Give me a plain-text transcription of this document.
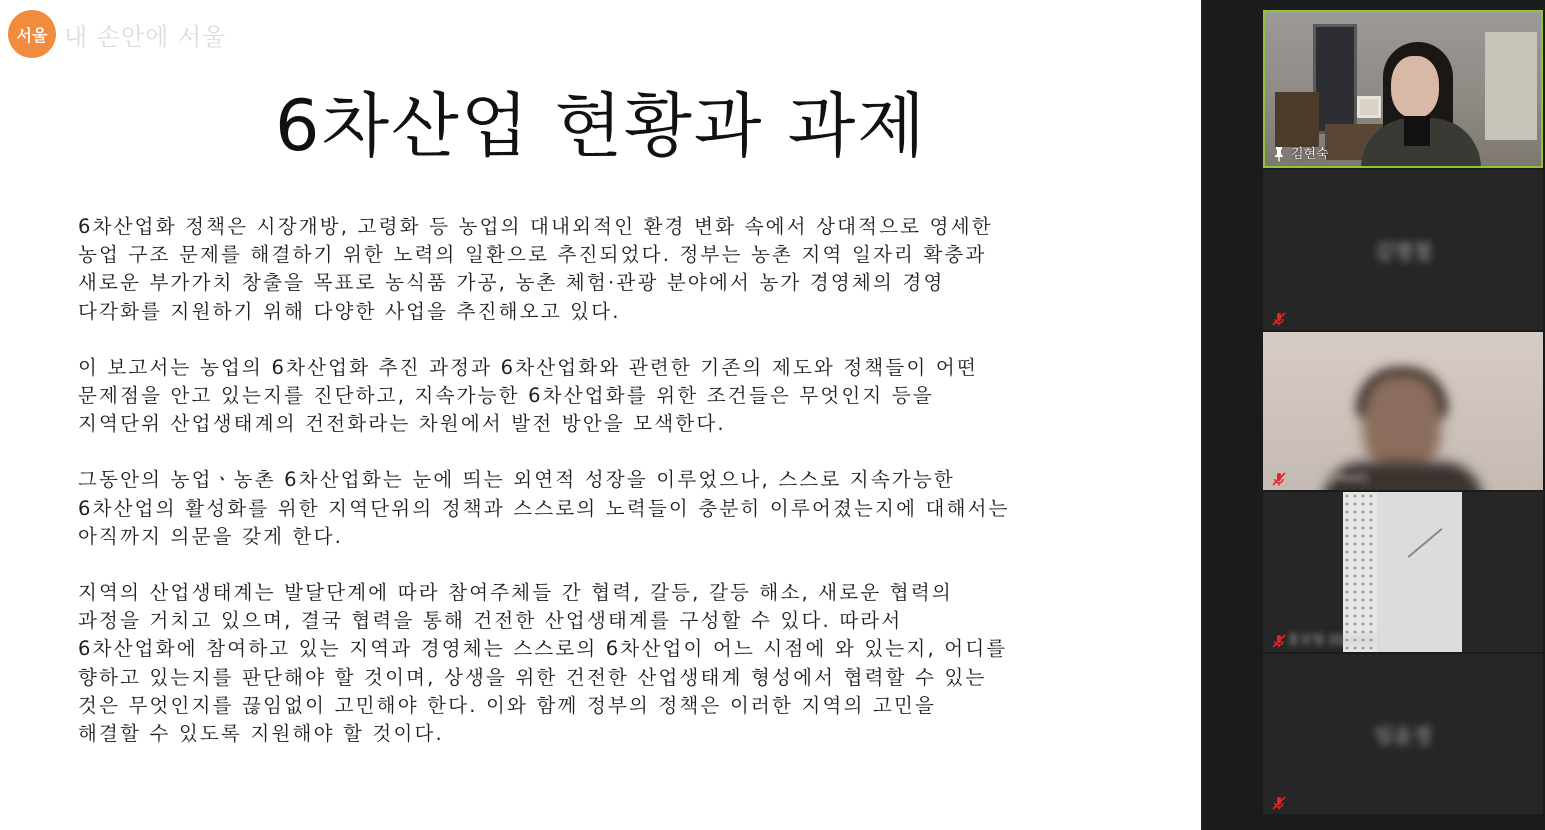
서울 내 손안에 서울
6차산업 현황과 과제
6차산업화 정책은 시장개방, 고령화 등 농업의 대내외적인 환경 변화 속에서 상대적으로 영세한
농업 구조 문제를 해결하기 위한 노력의 일환으로 추진되었다. 정부는 농촌 지역 일자리 확충과
새로운 부가가치 창출을 목표로 농식품 가공, 농촌 체험·관광 분야에서 농가 경영체의 경영
다각화를 지원하기 위해 다양한 사업을 추진해오고 있다.
이 보고서는 농업의 6차산업화 추진 과정과 6차산업화와 관련한 기존의 제도와 정책들이 어떤
문제점을 안고 있는지를 진단하고, 지속가능한 6차산업화를 위한 조건들은 무엇인지 등을
지역단위 산업생태계의 건전화라는 차원에서 발전 방안을 모색한다.
그동안의 농업ㆍ농촌 6차산업화는 눈에 띄는 외연적 성장을 이루었으나, 스스로 지속가능한
6차산업의 활성화를 위한 지역단위의 정책과 스스로의 노력들이 충분히 이루어졌는지에 대해서는
아직까지 의문을 갖게 한다.
지역의 산업생태계는 발달단계에 따라 참여주체들 간 협력, 갈등, 갈등 해소, 새로운 협력의
과정을 거치고 있으며, 결국 협력을 통해 건전한 산업생태계를 구성할 수 있다. 따라서
6차산업화에 참여하고 있는 지역과 경영체는 스스로의 6차산업이 어느 시점에 와 있는지, 어디를
향하고 있는지를 판단해야 할 것이며, 상생을 위한 건전한 산업생태계 형성에서 협력할 수 있는
것은 무엇인지를 끊임없이 고민해야 한다. 이와 함께 정부의 정책은 이러한 지역의 고민을
해결할 수 있도록 지원해야 할 것이다.
김현숙
김명철
김도희 (Host)
홍보팀 (Guest)
임윤정
